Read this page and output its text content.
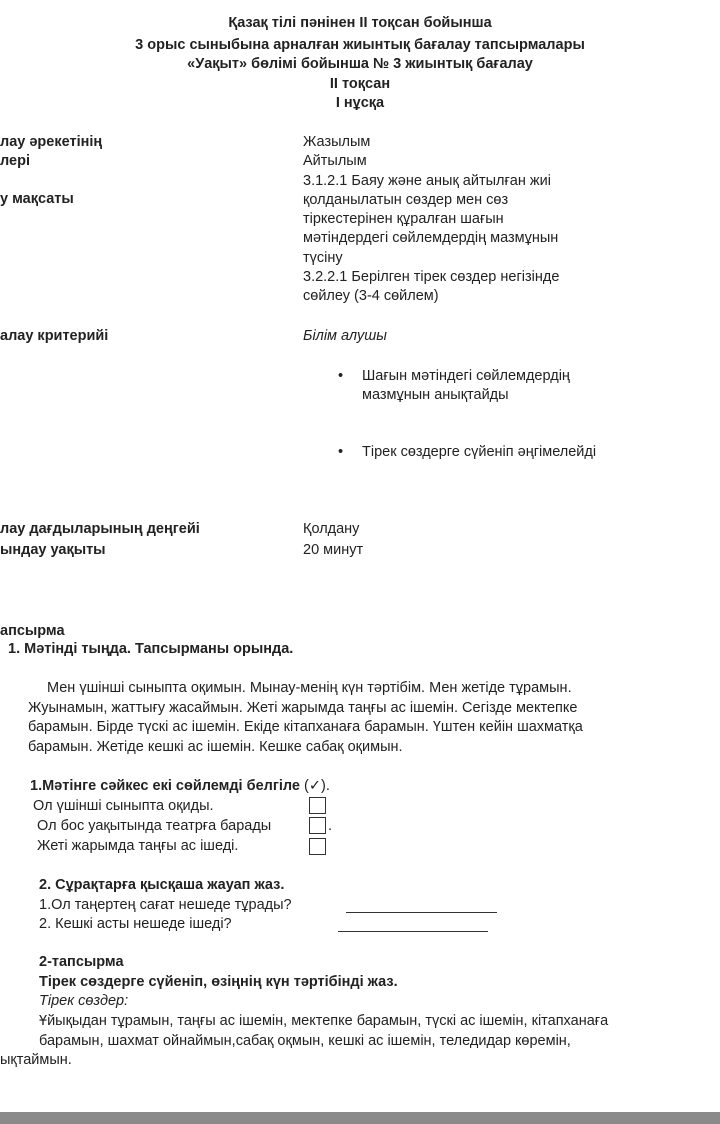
Қазақ тілі пәнінен II тоқсан бойынша
3 орыс сыныбына арналған жиынтық бағалау тапсырмалары
«Уақыт» бөлімі бойынша № 3 жиынтық бағалау
II тоқсан
I нұсқа
лау әрекетінің
лері
у мақсаты
алау критерийі
лау дағдыларының деңгейі
ындау уақыты
Жазылым
Айтылым
3.1.2.1 Баяу және анық айтылған жиі
қолданылатын сөздер мен сөз
тіркестерінен құралған шағын
мәтіндердегі сөйлемдердің мазмұнын
түсіну
3.2.2.1 Берілген тірек сөздер негізінде
сөйлеу (3-4 сөйлем)
Білім алушы
• Шағын мәтіндегі сөйлемдердің
мазмұнын анықтайды
• Тірек сөздерге сүйеніп әңгімелейді
Қолдану
20 минут
апсырма
1. Мәтінді тыңда. Тапсырманы орында.
Мен үшінші сыныпта оқимын. Мынау-менің күн тәртібім. Мен жетіде тұрамын.
Жуынамын, жаттығу жасаймын. Жеті жарымда таңғы ас ішемін. Сегізде мектепке
барамын. Бірде түскі ас ішемін. Екіде кітапханаға барамын. Үштен кейін шахматқа
барамын. Жетіде кешкі ас ішемін. Кешке сабақ оқимын.
1.Мәтінге сәйкес екі сөйлемді белгіле (✓).
Ол үшінші сыныпта оқиды.
Ол бос уақытында театрға барады	.
Жеті жарымда таңғы ас ішеді.
2. Сұрақтарға қысқаша жауап жаз.
1.Ол таңертең сағат нешеде тұрады?
2. Кешкі асты нешеде ішеді?
2-тапсырма
Тірек сөздерге сүйеніп, өзіңнің күн тәртібінді жаз.
Тірек сөздер:
Ұйықыдан тұрамын, таңғы ас ішемін, мектепке барамын, түскі ас ішемін, кітапханаға
барамын, шахмат ойнаймын,сабақ оқмын, кешкі ас ішемін, теледидар көремін,
ықтаймын.
